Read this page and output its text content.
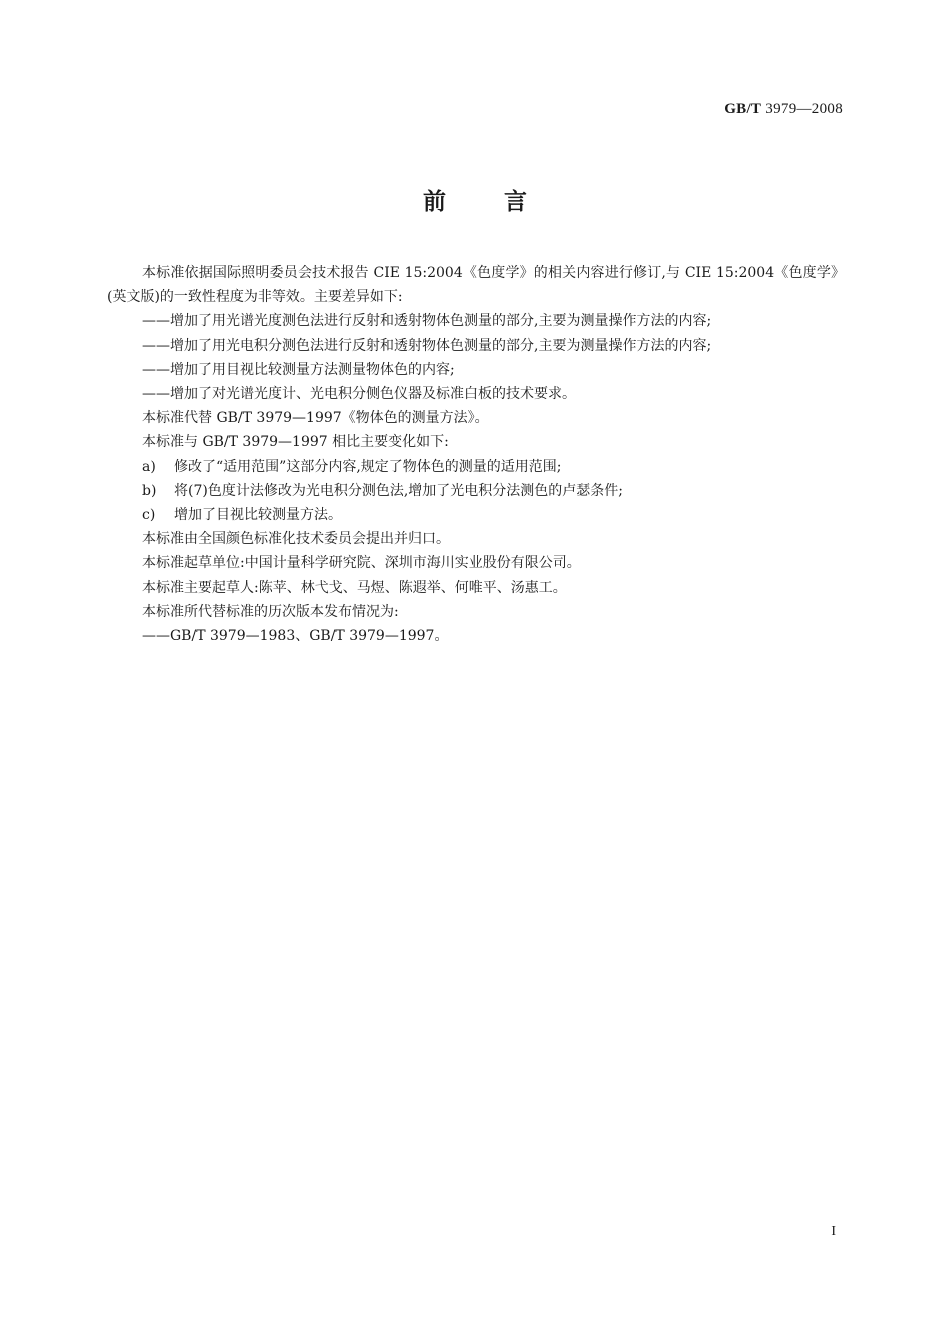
GB/T 3979—2008
前	言

本标准依据国际照明委员会技术报告 CIE 15:2004《色度学》的相关内容进行修订,与 CIE 15:2004《色度学》(英文版)的一致性程度为非等效。主要差异如下:

——增加了用光谱光度测色法进行反射和透射物体色测量的部分,主要为测量操作方法的内容;

——增加了用光电积分测色法进行反射和透射物体色测量的部分,主要为测量操作方法的内容;

——增加了用目视比较测量方法测量物体色的内容;

——增加了对光谱光度计、光电积分侧色仪器及标准白板的技术要求。

本标准代替 GB/T 3979—1997《物体色的测量方法》。

本标准与 GB/T 3979—1997 相比主要变化如下:

a) 修改了“适用范围”这部分内容,规定了物体色的测量的适用范围;

b) 将(7)色度计法修改为光电积分测色法,增加了光电积分法测色的卢瑟条件;

c) 增加了目视比较测量方法。

本标准由全国颜色标准化技术委员会提出并归口。

本标准起草单位:中国计量科学研究院、深圳市海川实业股份有限公司。

本标准主要起草人:陈苹、林弋戈、马煜、陈遐举、何唯平、汤惠工。

本标准所代替标准的历次版本发布情况为:

——GB/T 3979—1983、GB/T 3979—1997。

I
